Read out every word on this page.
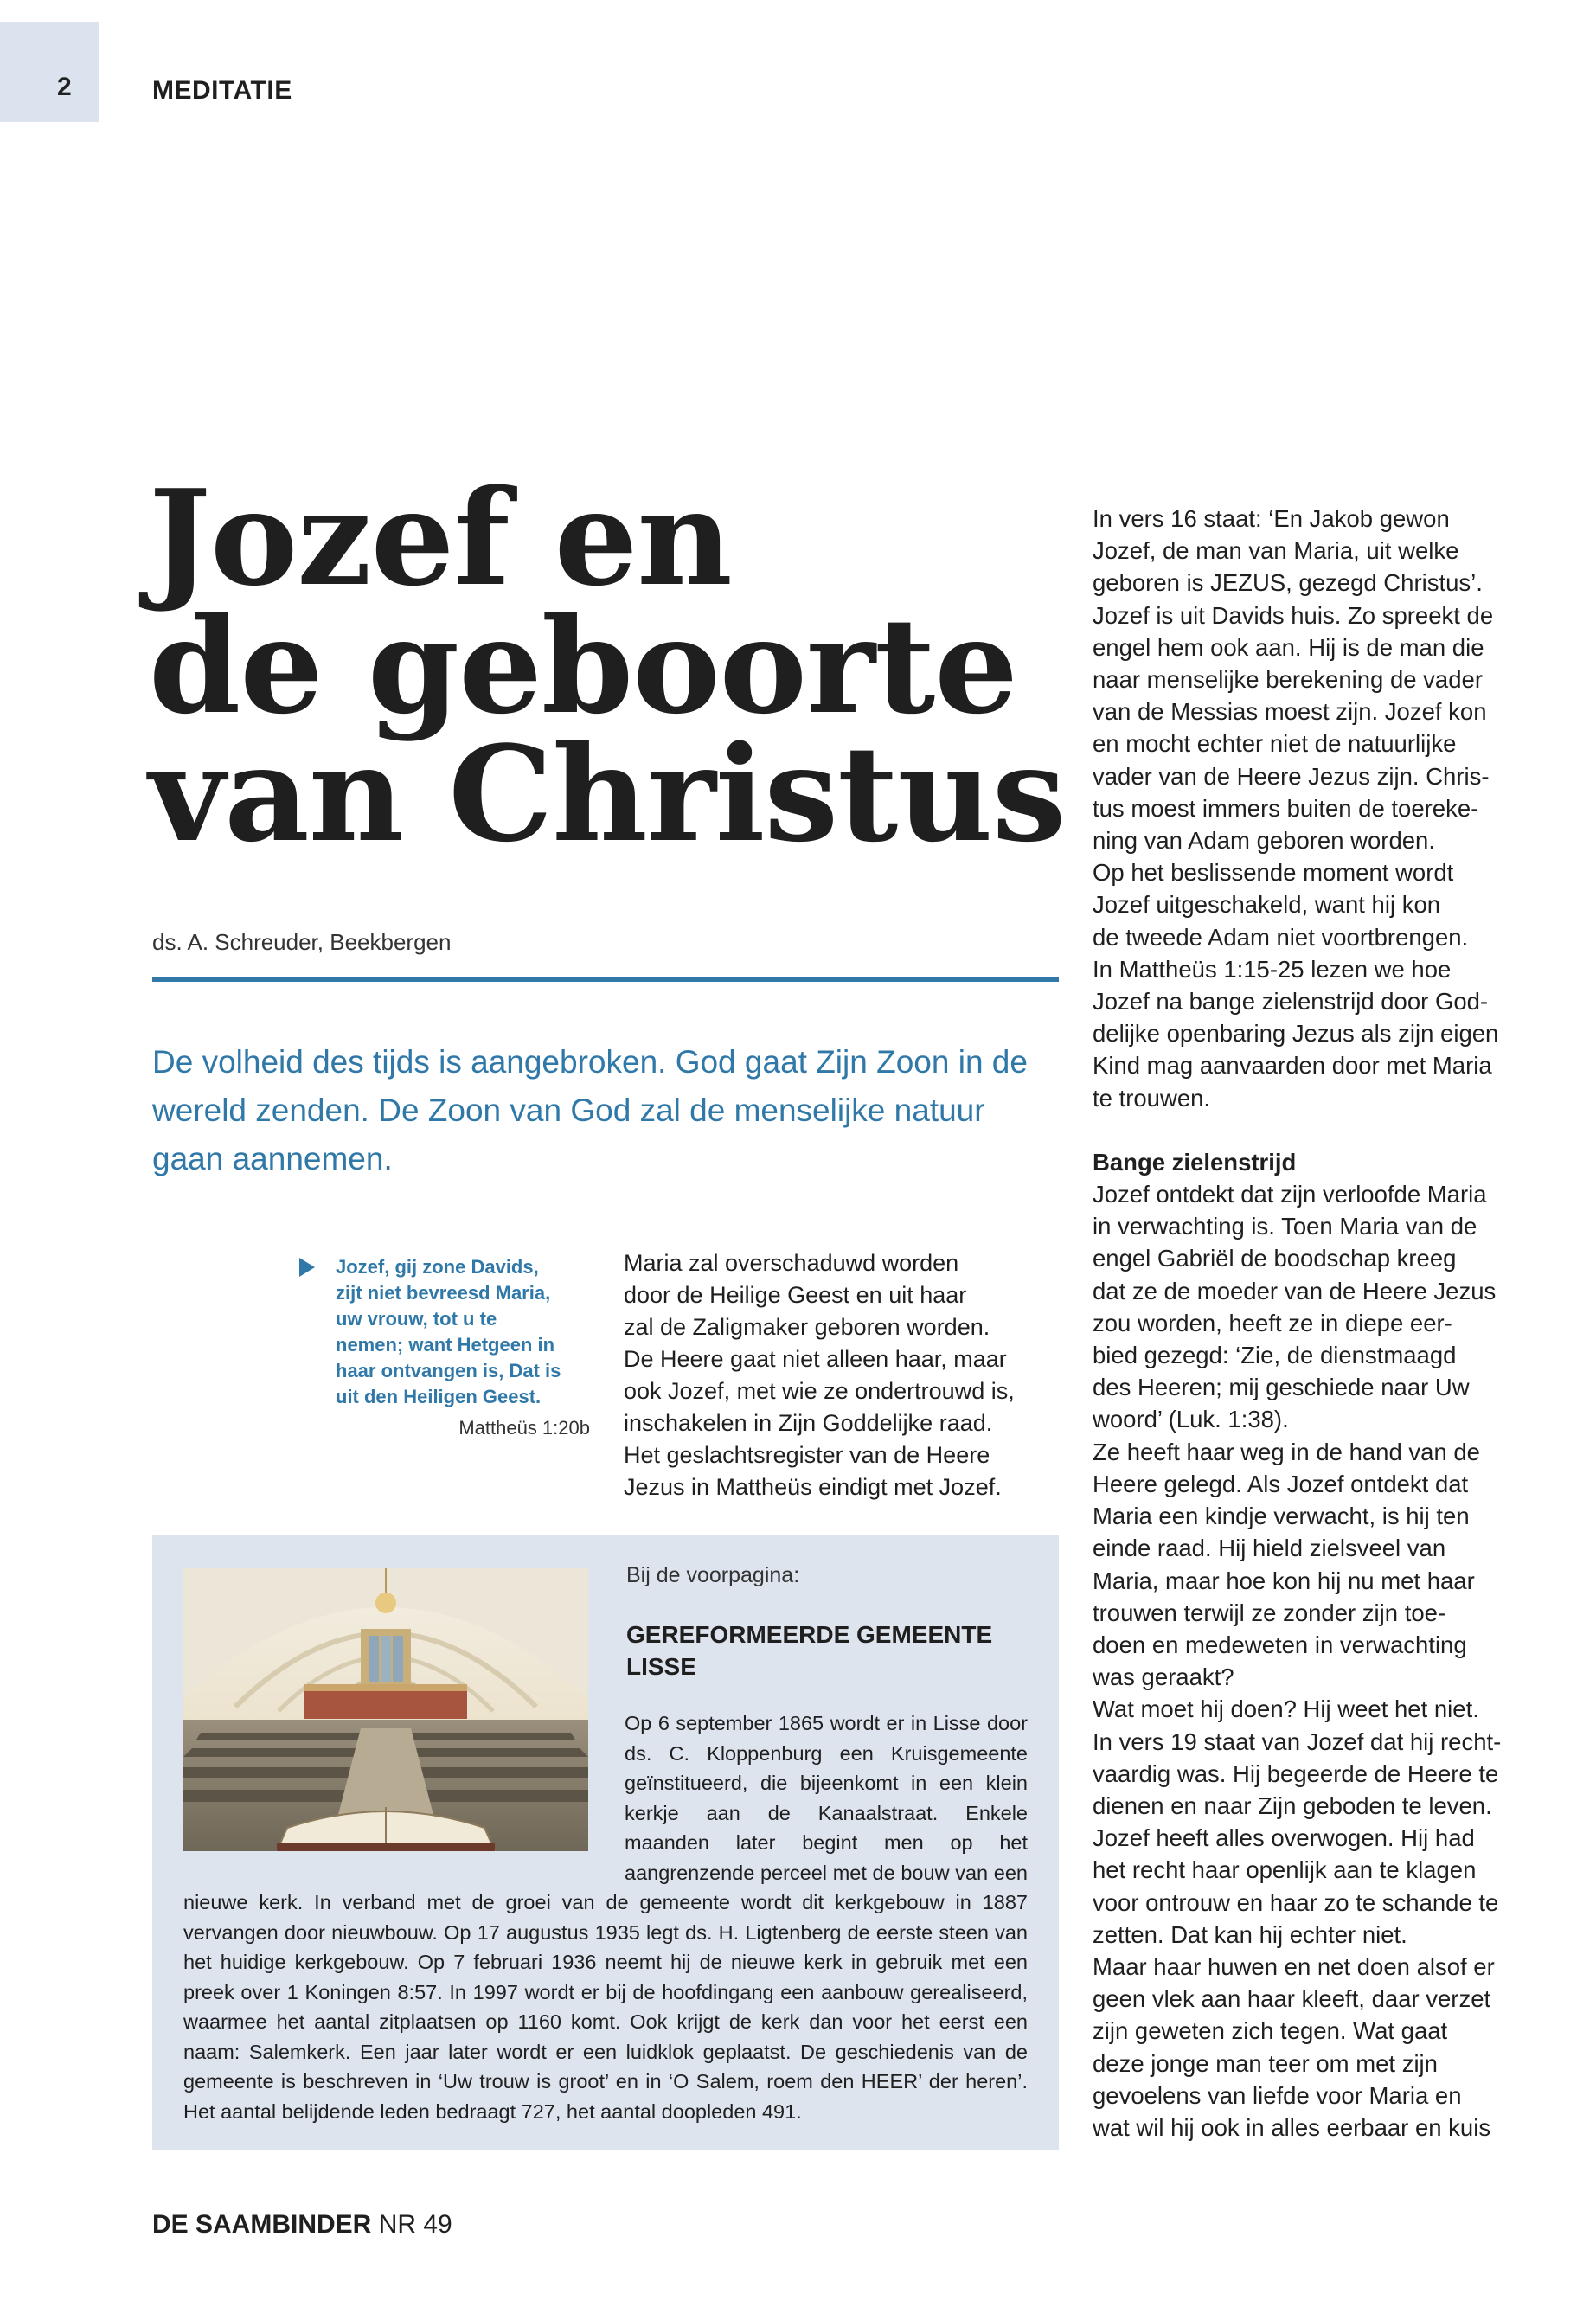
2	MEDITATIE
Jozef en
de geboorte
van Christus
ds. A. Schreuder, Beekbergen

De volheid des tijds is aangebroken. God gaat Zijn Zoon in de wereld zenden. De Zoon van God zal de menselijke natuur gaan aannemen.

Jozef, gij zone Davids,
zijt niet bevreesd Maria,
uw vrouw, tot u te
nemen; want Hetgeen in
haar ontvangen is, Dat is
uit den Heiligen Geest.

Mattheüs 1:20b

Maria zal overschaduwd worden

door de Heilige Geest en uit haar

zal de Zaligmaker geboren worden.

De Heere gaat niet alleen haar, maar

ook Jozef, met wie ze ondertrouwd is,

inschakelen in Zijn Goddelijke raad.

Het geslachtsregister van de Heere

Jezus in Mattheüs eindigt met Jozef.

In vers 16 staat: ‘En Jakob gewon

Jozef, de man van Maria, uit welke

geboren is JEZUS, gezegd Christus’.

Jozef is uit Davids huis. Zo spreekt de

engel hem ook aan. Hij is de man die

naar menselijke berekening de vader

van de Messias moest zijn. Jozef kon

en mocht echter niet de natuurlijke

vader van de Heere Jezus zijn. Chris-

tus moest immers buiten de toereke-

ning van Adam geboren worden.

Op het beslissende moment wordt

Jozef uitgeschakeld, want hij kon

de tweede Adam niet voortbrengen.

In Mattheüs 1:15-25 lezen we hoe

Jozef na bange zielenstrijd door God-

delijke openbaring Jezus als zijn eigen

Kind mag aanvaarden door met Maria

te trouwen.

Bange zielenstrijd

Jozef ontdekt dat zijn verloofde Maria

in verwachting is. Toen Maria van de

engel Gabriël de boodschap kreeg

dat ze de moeder van de Heere Jezus

zou worden, heeft ze in diepe eer-

bied gezegd: ‘Zie, de dienstmaagd

des Heeren; mij geschiede naar Uw

woord’ (Luk. 1:38).

Ze heeft haar weg in de hand van de

Heere gelegd. Als Jozef ontdekt dat

Maria een kindje verwacht, is hij ten

einde raad. Hij hield zielsveel van

Maria, maar hoe kon hij nu met haar

trouwen terwijl ze zonder zijn toe-

doen en medeweten in verwachting

was geraakt?

Wat moet hij doen? Hij weet het niet.

In vers 19 staat van Jozef dat hij recht-

vaardig was. Hij begeerde de Heere te

dienen en naar Zijn geboden te leven.

Jozef heeft alles overwogen. Hij had

het recht haar openlijk aan te klagen

voor ontrouw en haar zo te schande te

zetten. Dat kan hij echter niet.

Maar haar huwen en net doen alsof er

geen vlek aan haar kleeft, daar verzet

zijn geweten zich tegen. Wat gaat

deze jonge man teer om met zijn

gevoelens van liefde voor Maria en

wat wil hij ook in alles eerbaar en kuis

Bij de voorpagina:
GEREFORMEERDE GEMEENTE
LISSE
Op 6 september 1865 wordt er in Lisse door ds. C. Kloppenburg een Kruisgemeente geïnstitueerd, die bijeenkomt in een klein kerkje aan de Kanaalstraat. Enkele maanden later begint men op het aangrenzende perceel met de bouw van een nieuwe kerk. In verband met de groei van de gemeente wordt dit kerkgebouw in 1887 vervangen door nieuwbouw. Op 17 augustus 1935 legt ds. H. Ligtenberg de eerste steen van het huidige kerkgebouw. Op 7 februari 1936 neemt hij de nieuwe kerk in gebruik met een preek over 1 Koningen 8:57. In 1997 wordt er bij de hoofdingang een aanbouw gerealiseerd, waarmee het aantal zitplaatsen op 1160 komt. Ook krijgt de kerk dan voor het eerst een naam: Salemkerk. Een jaar later wordt er een luidklok geplaatst. De geschiedenis van de gemeente is beschreven in ‘Uw trouw is groot’ en in ‘O Salem, roem den HEER’ der heren’. Het aantal belijdende leden bedraagt 727, het aantal doopleden 491.
DE SAAMBINDER NR 49
